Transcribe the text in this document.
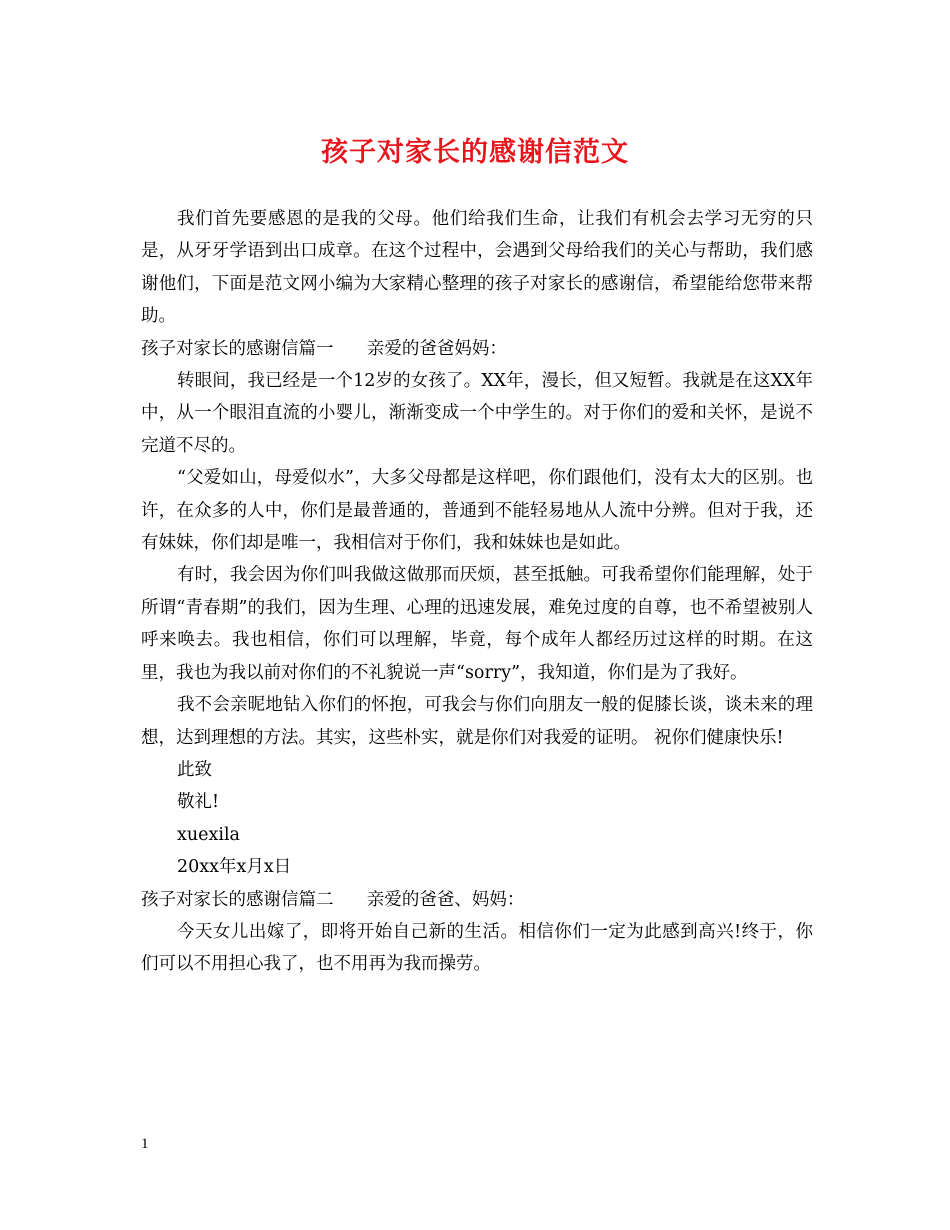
孩子对家长的感谢信范文

我们首先要感恩的是我的父母。他们给我们生命，让我们有机会去学习无穷的只是，从牙牙学语到出口成章。在这个过程中，会遇到父母给我们的关心与帮助，我们感谢他们，下面是范文网小编为大家精心整理的孩子对家长的感谢信，希望能给您带来帮助。

孩子对家长的感谢信篇一 亲爱的爸爸妈妈：

转眼间，我已经是一个12岁的女孩了。XX年，漫长，但又短暂。我就是在这XX年中，从一个眼泪直流的小婴儿，渐渐变成一个中学生的。对于你们的爱和关怀，是说不完道不尽的。

“父爱如山，母爱似水”，大多父母都是这样吧，你们跟他们，没有太大的区别。也许，在众多的人中，你们是最普通的，普通到不能轻易地从人流中分辨。但对于我，还有妹妹，你们却是唯一，我相信对于你们，我和妹妹也是如此。

有时，我会因为你们叫我做这做那而厌烦，甚至抵触。可我希望你们能理解，处于所谓“青春期”的我们，因为生理、心理的迅速发展，难免过度的自尊，也不希望被别人呼来唤去。我也相信，你们可以理解，毕竟，每个成年人都经历过这样的时期。在这里，我也为我以前对你们的不礼貌说一声“sorry”，我知道，你们是为了我好。

我不会亲昵地钻入你们的怀抱，可我会与你们向朋友一般的促膝长谈，谈未来的理想，达到理想的方法。其实，这些朴实，就是你们对我爱的证明。 祝你们健康快乐!

此致

敬礼!

xuexila

20xx年x月x日

孩子对家长的感谢信篇二 亲爱的爸爸、妈妈：

今天女儿出嫁了，即将开始自己新的生活。相信你们一定为此感到高兴!终于，你们可以不用担心我了，也不用再为我而操劳。

1
